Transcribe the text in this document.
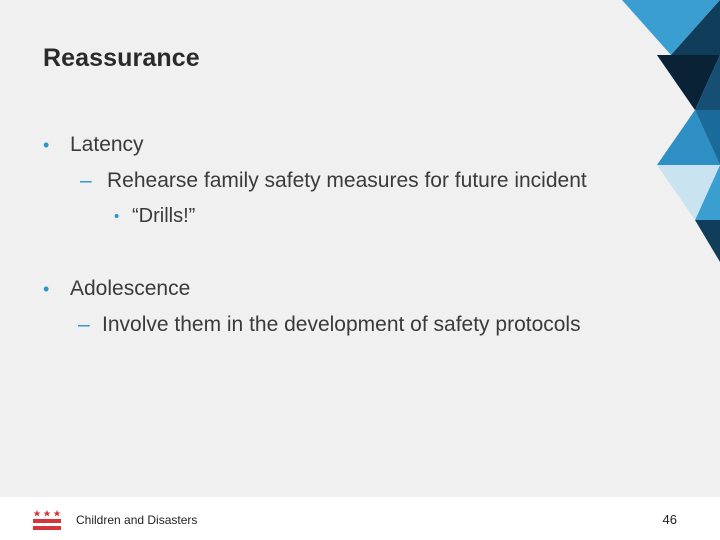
Reassurance
• Latency
– Rehearse family safety measures for future incident
• “Drills!”
• Adolescence
– Involve them in the development of safety protocols
Children and Disasters	46
